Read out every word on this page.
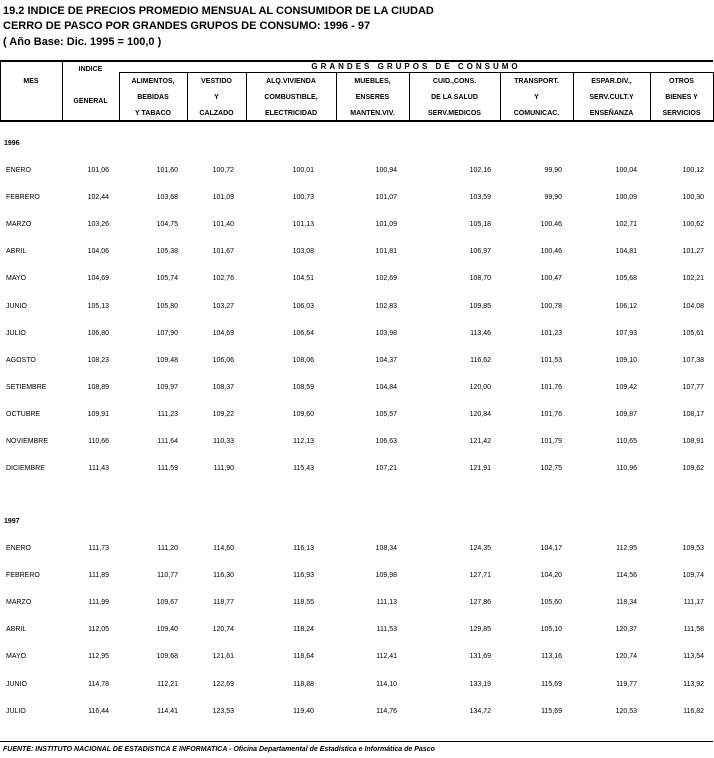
19.2 INDICE DE PRECIOS PROMEDIO MENSUAL AL CONSUMIDOR DE LA CIUDAD
CERRO DE PASCO POR GRANDES GRUPOS DE CONSUMO: 1996 - 97
( Año Base: Dic. 1995 = 100,0 )
GRANDES GRUPOS DE CONSUMO
MES
INDICE

GENERAL
ALIMENTOS,
BEBIDAS
Y TABACO
VESTIDO
Y
CALZADO
ALQ.VIVIENDA
COMBUSTIBLE,
ELECTRICIDAD
MUEBLES,
ENSERES
MANTEN.VIV.
CUID.,CONS.
DE LA SALUD
SERV.MEDICOS
TRANSPORT.
Y
COMUNICAC.
ESPAR.DIV.,
SERV.CULT.Y
ENSEÑANZA
OTROS
BIENES Y
SERVICIOS
1996
ENERO	101,06	101,60	100,72	100,01	100,94	102,16	99,90	100,04	100,12
FEBRERO	102,44	103,68	101,09	100,73	101,07	103,59	99,90	100,09	100,30
MARZO	103,26	104,75	101,40	101,13	101,09	105,18	100,46	102,71	100,62
ABRIL	104,06	105,38	101,67	103,08	101,81	106,97	100,46	104,81	101,27
MAYO	104,69	105,74	102,76	104,51	102,69	108,70	100,47	105,68	102,21
JUNIO	105,13	105,80	103,27	106,03	102,83	109,85	100,78	106,12	104,08
JULIO	106,80	107,90	104,69	106,64	103,98	113,46	101,23	107,93	105,61
AGOSTO	108,23	109,48	106,06	108,06	104,37	116,62	101,53	109,10	107,38
SETIEMBRE	108,89	109,97	108,37	108,59	104,84	120,00	101,76	109,42	107,77
OCTUBRE	109,91	111,23	109,22	109,60	105,57	120,84	101,76	109,87	108,17
NOVIEMBRE	110,66	111,64	110,33	112,13	106,63	121,42	101,79	110,65	108,91
DICIEMBRE	111,43	111,59	111,90	115,43	107,21	121,91	102,75	110,96	109,62
1997
ENERO	111,73	111,20	114,60	116,13	108,34	124,35	104,17	112,95	109,53
FEBRERO	111,89	110,77	116,30	116,93	109,98	127,71	104,20	114,56	109,74
MARZO	111,99	109,67	118,77	118,55	111,13	127,86	105,60	118,34	111,17
ABRIL	112,05	109,40	120,74	118,24	111,53	129,85	105,10	120,37	111,58
MAYO	112,95	109,68	121,61	118,64	112,41	131,69	113,16	120,74	113,54
JUNIO	114,78	112,21	122,69	118,88	114,10	133,19	115,69	119,77	113,92
JULIO	116,44	114,41	123,53	119,40	114,76	134,72	115,69	120,53	116,82
FUENTE: INSTITUTO NACIONAL DE ESTADISTICA E INFORMATICA - Oficina Departamental de Estadística e Informática de Pasco
